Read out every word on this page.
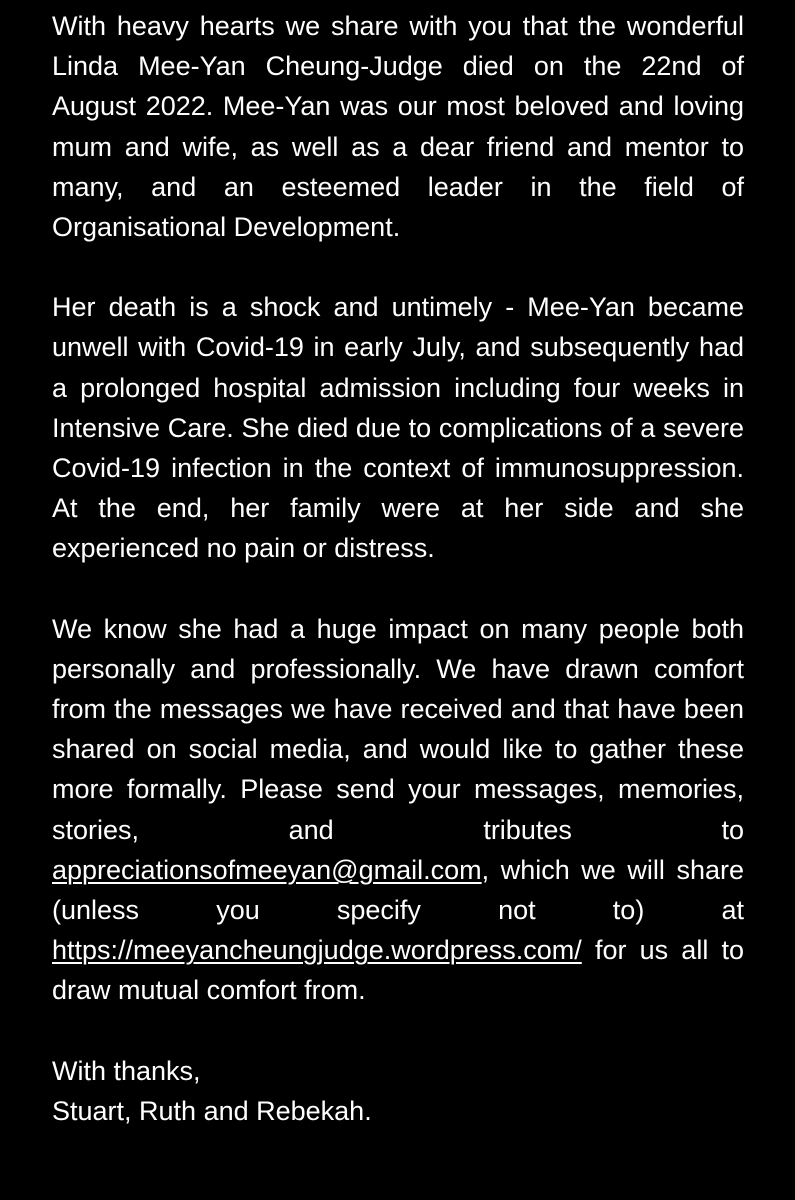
With heavy hearts we share with you that the wonderful Linda Mee-Yan Cheung-Judge died on the 22nd of August 2022. Mee-Yan was our most beloved and loving mum and wife, as well as a dear friend and mentor to many, and an esteemed leader in the field of Organisational Development.

Her death is a shock and untimely - Mee-Yan became unwell with Covid-19 in early July, and subsequently had a prolonged hospital admission including four weeks in Intensive Care. She died due to complications of a severe Covid-19 infection in the context of immunosuppression. At the end, her family were at her side and she experienced no pain or distress.

We know she had a huge impact on many people both personally and professionally. We have drawn comfort from the messages we have received and that have been shared on social media, and would like to gather these more formally. Please send your messages, memories, stories, and tributes to appreciationsofmeeyan@gmail.com, which we will share (unless you specify not to) at https://meeyancheungjudge.wordpress.com/ for us all to draw mutual comfort from.

With thanks,
Stuart, Ruth and Rebekah.
